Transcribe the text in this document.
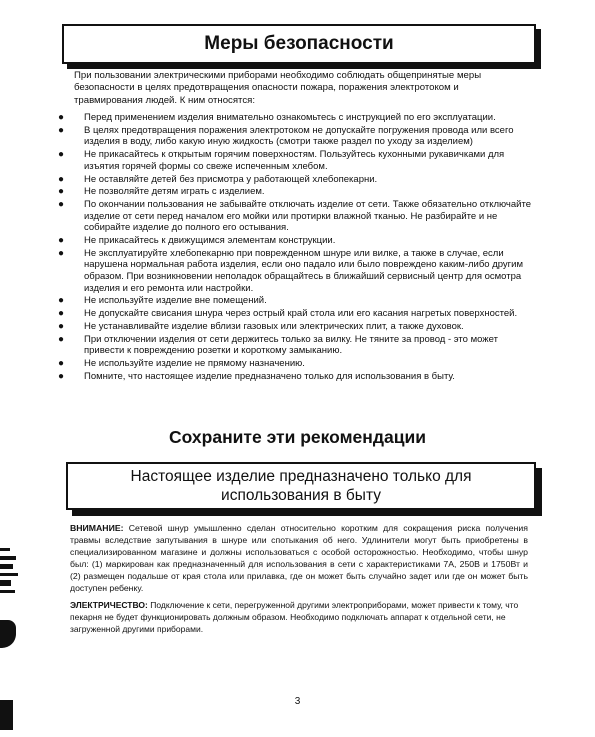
Меры безопасности

При пользовании электрическими приборами необходимо соблюдать общепринятые меры безопасности в целях предотвращения опасности пожара, поражения электротоком и травмирования людей. К ним относятся:

● Перед применением изделия внимательно ознакомьтесь с инструкцией по его эксплуатации.
● В целях предотвращения поражения электротоком не допускайте погружения провода или всего изделия в воду, либо какую иную жидкость (смотри также раздел по уходу за изделием)
● Не прикасайтесь к открытым горячим поверхностям. Пользуйтесь кухонными рукавичками для изъятия горячей формы со свеже испеченным хлебом.
● Не оставляйте детей без присмотра у работающей хлебопекарни.
● Не позволяйте детям играть с изделием.
● По окончании пользования не забывайте отключать изделие от сети. Также обязательно отключайте изделие от сети перед началом его мойки или протирки влажной тканью. Не разбирайте и не собирайте изделие до полного его остывания.
● Не прикасайтесь к движущимся элементам конструкции.
● Не эксплуатируйте хлебопекарню при поврежденном шнуре или вилке, а также в случае, если нарушена нормальная работа изделия, если оно падало или было повреждено каким-либо другим образом. При возникновении неполадок обращайтесь в ближайший сервисный центр для осмотра изделия и его ремонта или настройки.
● Не используйте изделие вне помещений.
● Не допускайте свисания шнура через острый край стола или его касания нагретых поверхностей.
● Не устанавливайте изделие вблизи газовых или электрических плит, а также духовок.
● При отключении изделия от сети держитесь только за вилку. Не тяните за провод - это может привести к повреждению розетки и короткому замыканию.
● Не используйте изделие не прямому назначению.
● Помните, что настоящее изделие предназначено только для использования в быту.
Сохраните эти рекомендации
Настоящее изделие предназначено только для
использования в быту

ВНИМАНИЕ: Сетевой шнур умышленно сделан относительно коротким для сокращения риска получения травмы вследствие запутывания в шнуре или спотыкания об него. Удлинители могут быть приобретены в специализированном магазине и должны использоваться с особой осторожностью. Необходимо, чтобы шнур был: (1) маркирован как предназначенный для использования в сети с характеристиками 7А, 250В и 1750Вт и (2) размещен подальше от края стола или прилавка, где он может быть случайно задет или где он может быть доступен ребенку.

ЭЛЕКТРИЧЕСТВО: Подключение к сети, перегруженной другими электроприборами, может привести к тому, что пекарня не будет функционировать должным образом. Необходимо подключать аппарат к отдельной сети, не загруженной другими приборами.

3
